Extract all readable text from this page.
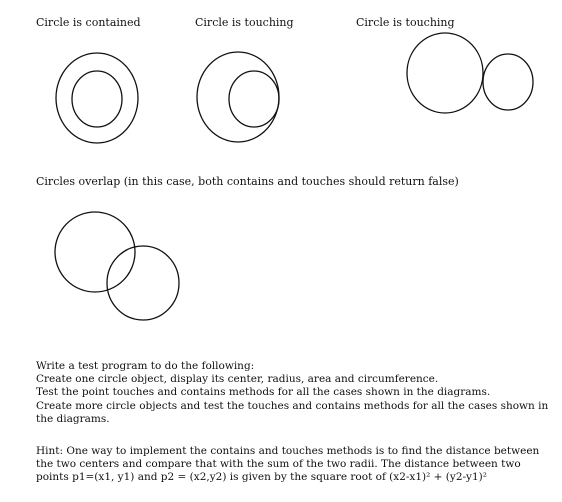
Circle is contained	Circle is touching	Circle is touching
Circles overlap (in this case, both contains and touches should return false)
Write a test program to do the following:
Create one circle object, display its center, radius, area and circumference.
Test the point touches and contains methods for all the cases shown in the diagrams.
Create more circle objects and test the touches and contains methods for all the cases shown in the diagrams.
Hint: One way to implement the contains and touches methods is to find the distance between the two centers and compare that with the sum of the two radii. The distance between two points p1=(x1, y1) and p2 = (x2,y2) is given by the square root of (x2-x1)² + (y2-y1)²
